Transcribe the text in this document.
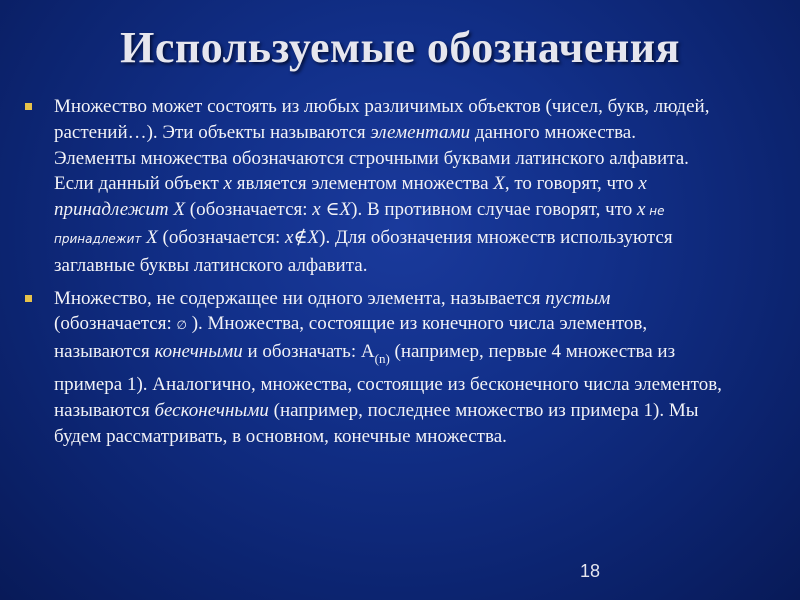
Используемые обозначения

Множество может состоять из любых различимых объектов (чисел, букв, людей, растений…). Эти объекты называются элементами данного множества. Элементы множества обозначаются строчными буквами латинского алфавита. Если данный объект x является элементом множества X, то говорят, что x принадлежит X (обозначается: x ∈X). В противном случае говорят, что x не принадлежит X (обозначается: x∉X). Для обозначения множеств используются заглавные буквы латинского алфавита.

Множество, не содержащее ни одного элемента, называется пустым (обозначается: ∅ ). Множества, состоящие из конечного числа элементов, называются конечными и обозначать: $А_{(n)}$ (например, первые 4 множества из примера 1). Аналогично, множества, состоящие из бесконечного числа элементов, называются бесконечными (например, последнее множество из примера 1). Мы будем рассматривать, в основном, конечные множества.

18
